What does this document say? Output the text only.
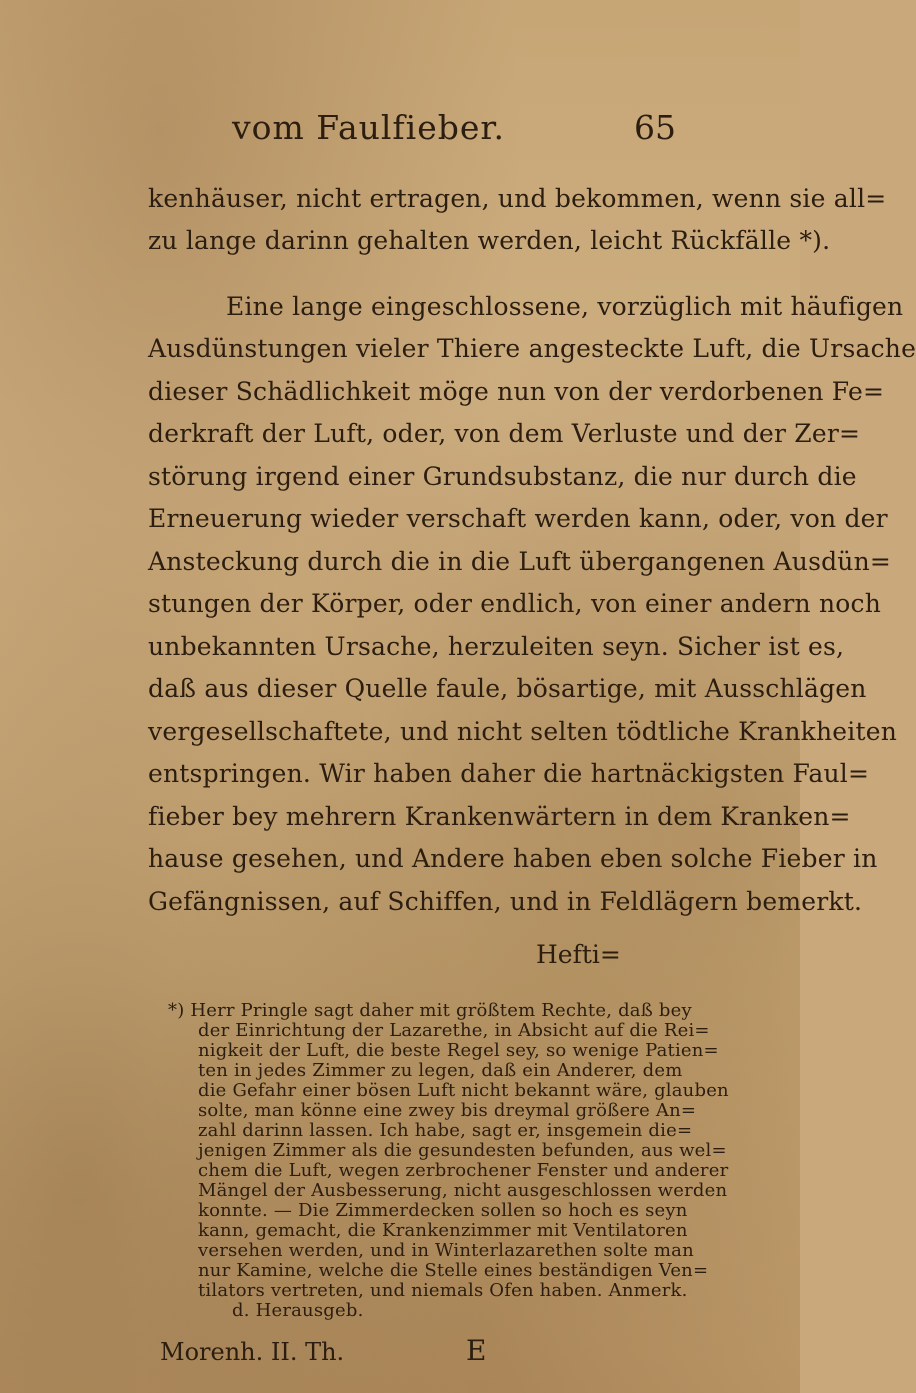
vom Faulfieber.	65
kenhäuser, nicht ertragen, und bekommen, wenn sie all=
zu lange darinn gehalten werden, leicht Rückfälle *).
Eine lange eingeschlossene, vorzüglich mit häufigen
Ausdünstungen vieler Thiere angesteckte Luft, die Ursache
dieser Schädlichkeit möge nun von der verdorbenen Fe=
derkraft der Luft, oder, von dem Verluste und der Zer=
störung irgend einer Grundsubstanz, die nur durch die
Erneuerung wieder verschaft werden kann, oder, von der
Ansteckung durch die in die Luft übergangenen Ausdün=
stungen der Körper, oder endlich, von einer andern noch
unbekannten Ursache, herzuleiten seyn. Sicher ist es,
daß aus dieser Quelle faule, bösartige, mit Ausschlägen
vergesellschaftete, und nicht selten tödtliche Krankheiten
entspringen. Wir haben daher die hartnäckigsten Faul=
fieber bey mehrern Krankenwärtern in dem Kranken=
hause gesehen, und Andere haben eben solche Fieber in
Gefängnissen, auf Schiffen, und in Feldlägern bemerkt.
Hefti=
*) Herr Pringle sagt daher mit größtem Rechte, daß bey
der Einrichtung der Lazarethe, in Absicht auf die Rei=
nigkeit der Luft, die beste Regel sey, so wenige Patien=
ten in jedes Zimmer zu legen, daß ein Anderer, dem
die Gefahr einer bösen Luft nicht bekannt wäre, glauben
solte, man könne eine zwey bis dreymal größere An=
zahl darinn lassen. Ich habe, sagt er, insgemein die=
jenigen Zimmer als die gesundesten befunden, aus wel=
chem die Luft, wegen zerbrochener Fenster und anderer
Mängel der Ausbesserung, nicht ausgeschlossen werden
konnte. — Die Zimmerdecken sollen so hoch es seyn
kann, gemacht, die Krankenzimmer mit Ventilatoren
versehen werden, und in Winterlazarethen solte man
nur Kamine, welche die Stelle eines beständigen Ven=
tilators vertreten, und niemals Ofen haben. Anmerk.
d. Herausgeb.
Morenh. II. Th.	E
